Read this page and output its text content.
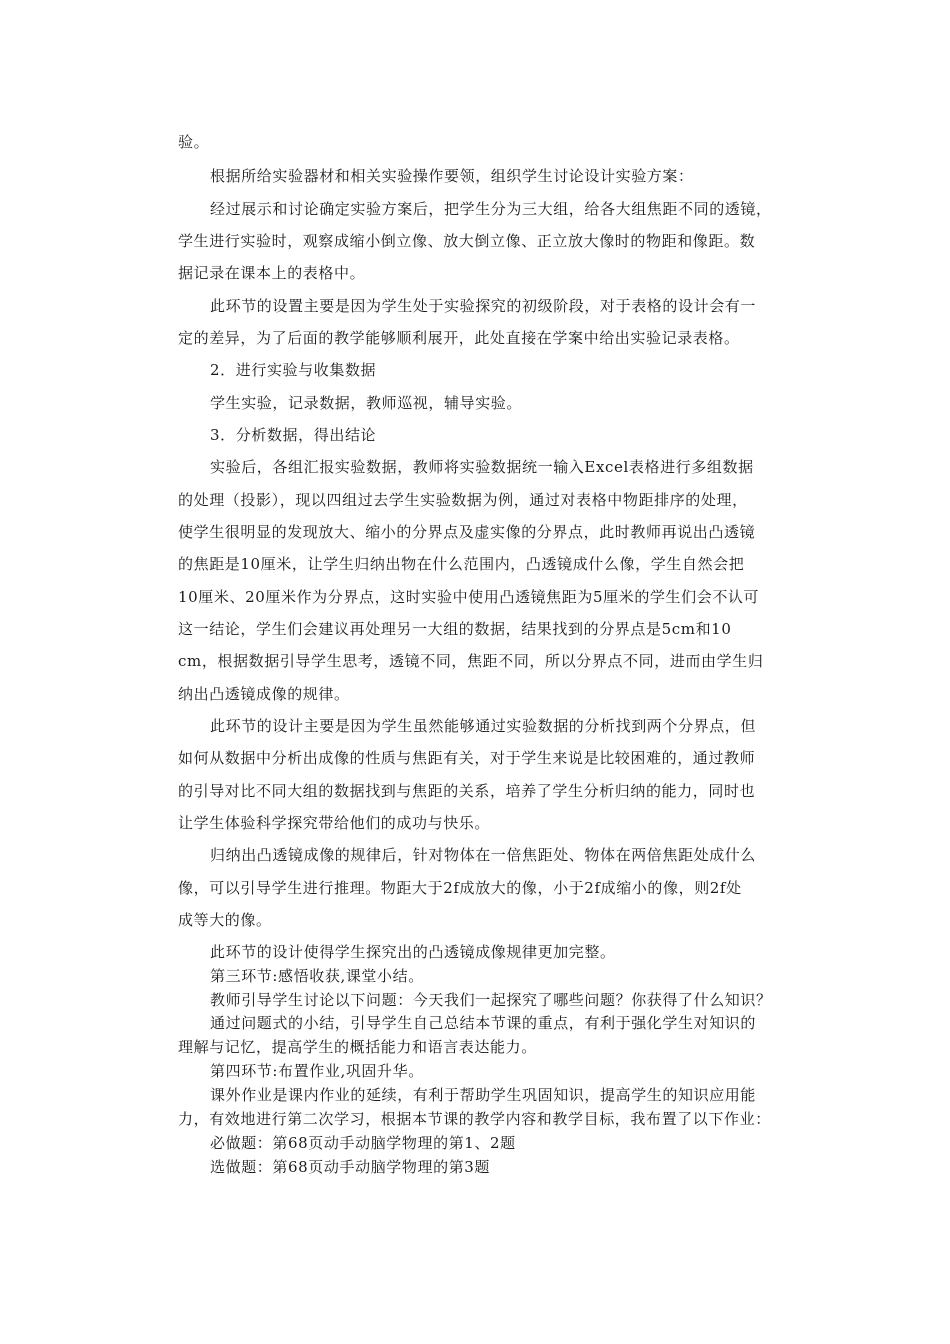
验。
根据所给实验器材和相关实验操作要领，组织学生讨论设计实验方案：
经过展示和讨论确定实验方案后，把学生分为三大组，给各大组焦距不同的透镜，
学生进行实验时，观察成缩小倒立像、放大倒立像、正立放大像时的物距和像距。数
据记录在课本上的表格中。
此环节的设置主要是因为学生处于实验探究的初级阶段，对于表格的设计会有一
定的差异，为了后面的教学能够顺利展开，此处直接在学案中给出实验记录表格。
2．进行实验与收集数据
学生实验，记录数据，教师巡视，辅导实验。
3．分析数据，得出结论
实验后，各组汇报实验数据，教师将实验数据统一输入Excel表格进行多组数据
的处理（投影），现以四组过去学生实验数据为例，通过对表格中物距排序的处理，
使学生很明显的发现放大、缩小的分界点及虚实像的分界点，此时教师再说出凸透镜
的焦距是10厘米，让学生归纳出物在什么范围内，凸透镜成什么像，学生自然会把
10厘米、20厘米作为分界点，这时实验中使用凸透镜焦距为5厘米的学生们会不认可
这一结论，学生们会建议再处理另一大组的数据，结果找到的分界点是5cm和10
cm，根据数据引导学生思考，透镜不同，焦距不同，所以分界点不同，进而由学生归
纳出凸透镜成像的规律。
此环节的设计主要是因为学生虽然能够通过实验数据的分析找到两个分界点，但
如何从数据中分析出成像的性质与焦距有关，对于学生来说是比较困难的，通过教师
的引导对比不同大组的数据找到与焦距的关系，培养了学生分析归纳的能力，同时也
让学生体验科学探究带给他们的成功与快乐。
归纳出凸透镜成像的规律后，针对物体在一倍焦距处、物体在两倍焦距处成什么
像，可以引导学生进行推理。物距大于2f成放大的像，小于2f成缩小的像，则2f处
成等大的像。
此环节的设计使得学生探究出的凸透镜成像规律更加完整。
第三环节:感悟收获,课堂小结。
教师引导学生讨论以下问题：今天我们一起探究了哪些问题？你获得了什么知识？
通过问题式的小结，引导学生自己总结本节课的重点，有利于强化学生对知识的
理解与记忆，提高学生的概括能力和语言表达能力。
第四环节:布置作业,巩固升华。
课外作业是课内作业的延续，有利于帮助学生巩固知识，提高学生的知识应用能
力，有效地进行第二次学习，根据本节课的教学内容和教学目标，我布置了以下作业：
必做题：第68页动手动脑学物理的第1、2题
选做题：第68页动手动脑学物理的第3题
